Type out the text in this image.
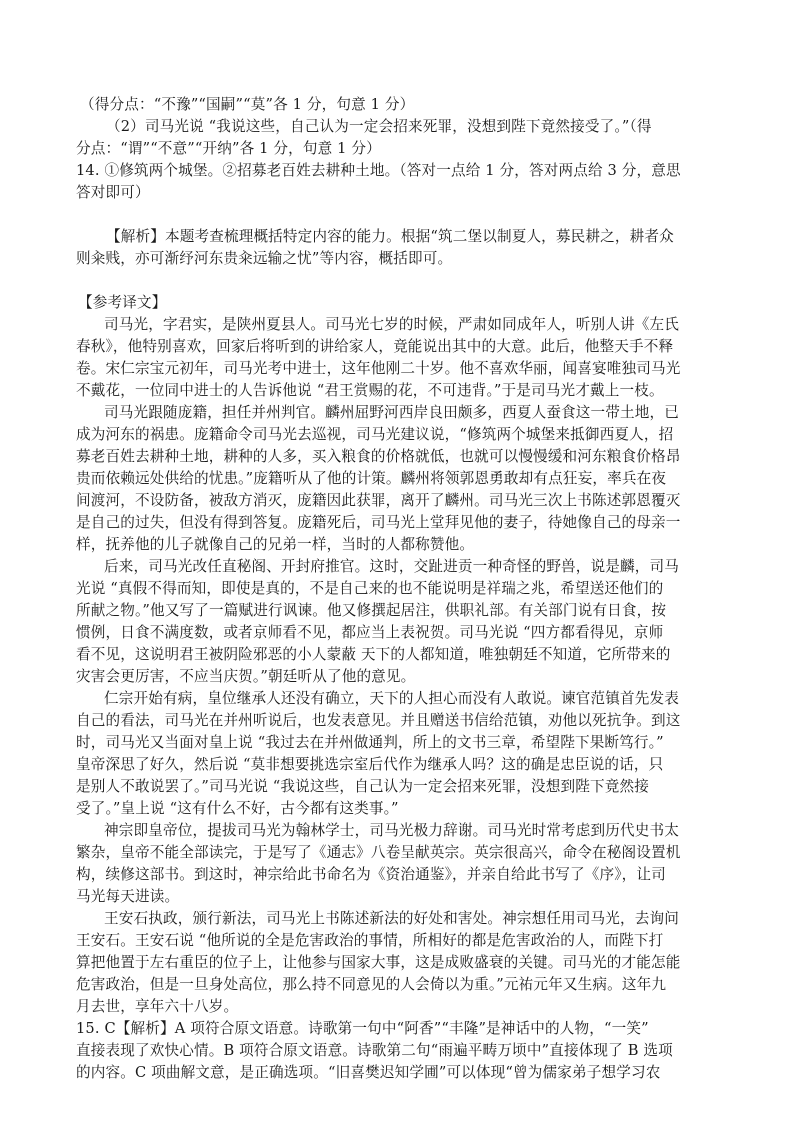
（得分点：“不豫”“国嗣”“莫”各 1 分，句意 1 分）
（2）司马光说 “我说这些，自己认为一定会招来死罪，没想到陛下竟然接受了。”（得
分点：“谓”“不意”“开纳”各 1 分，句意 1 分）
14. ①修筑两个城堡。②招募老百姓去耕种土地。（答对一点给 1 分，答对两点给 3 分，意思
答对即可）
【解析】本题考查梳理概括特定内容的能力。根据“筑二堡以制夏人，募民耕之，耕者众
则籴贱，亦可渐纾河东贵籴远输之忧”等内容，概括即可。
【参考译文】
司马光，字君实，是陕州夏县人。司马光七岁的时候，严肃如同成年人，听别人讲《左氏
春秋》，他特别喜欢，回家后将听到的讲给家人，竟能说出其中的大意。此后，他整天手不释
卷。宋仁宗宝元初年，司马光考中进士，这年他刚二十岁。他不喜欢华丽，闻喜宴唯独司马光
不戴花，一位同中进士的人告诉他说 “君王赏赐的花，不可违背。”于是司马光才戴上一枝。
司马光跟随庞籍，担任并州判官。麟州屈野河西岸良田颇多，西夏人蚕食这一带土地，已
成为河东的祸患。庞籍命令司马光去巡视，司马光建议说，“修筑两个城堡来抵御西夏人，招
募老百姓去耕种土地，耕种的人多，买入粮食的价格就低，也就可以慢慢缓和河东粮食价格昂
贵而依赖远处供给的忧患。”庞籍听从了他的计策。麟州将领郭恩勇敢却有点狂妄，率兵在夜
间渡河，不设防备，被敌方消灭，庞籍因此获罪，离开了麟州。司马光三次上书陈述郭恩覆灭
是自己的过失，但没有得到答复。庞籍死后，司马光上堂拜见他的妻子，待她像自己的母亲一
样，抚养他的儿子就像自己的兄弟一样，当时的人都称赞他。
后来，司马光改任直秘阁、开封府推官。这时，交趾进贡一种奇怪的野兽，说是麟，司马
光说 “真假不得而知，即使是真的，不是自己来的也不能说明是祥瑞之兆，希望送还他们的
所献之物。”他又写了一篇赋进行讽谏。他又修撰起居注，供职礼部。有关部门说有日食，按
惯例，日食不满度数，或者京师看不见，都应当上表祝贺。司马光说 “四方都看得见，京师
看不见，这说明君王被阴险邪恶的小人蒙蔽 天下的人都知道，唯独朝廷不知道，它所带来的
灾害会更厉害，不应当庆贺。”朝廷听从了他的意见。
仁宗开始有病，皇位继承人还没有确立，天下的人担心而没有人敢说。谏官范镇首先发表
自己的看法，司马光在并州听说后，也发表意见。并且赠送书信给范镇，劝他以死抗争。到这
时，司马光又当面对皇上说 “我过去在并州做通判，所上的文书三章，希望陛下果断笃行。”
皇帝深思了好久，然后说 “莫非想要挑选宗室后代作为继承人吗？这的确是忠臣说的话，只
是别人不敢说罢了。”司马光说 “我说这些，自己认为一定会招来死罪，没想到陛下竟然接
受了。”皇上说 “这有什么不好，古今都有这类事。”
神宗即皇帝位，提拔司马光为翰林学士，司马光极力辞谢。司马光时常考虑到历代史书太
繁杂，皇帝不能全部读完，于是写了《通志》八卷呈献英宗。英宗很高兴，命令在秘阁设置机
构，续修这部书。到这时，神宗给此书命名为《资治通鉴》，并亲自给此书写了《序》，让司
马光每天进读。
王安石执政，颁行新法，司马光上书陈述新法的好处和害处。神宗想任用司马光，去询问
王安石。王安石说 “他所说的全是危害政治的事情，所相好的都是危害政治的人，而陛下打
算把他置于左右重臣的位子上，让他参与国家大事，这是成败盛衰的关键。司马光的才能怎能
危害政治，但是一旦身处高位，那么持不同意见的人会倚以为重。”元祐元年又生病。这年九
月去世，享年六十八岁。
15. C【解析】A 项符合原文语意。诗歌第一句中“阿香”“丰隆”是神话中的人物，“一笑”
直接表现了欢快心情。B 项符合原文语意。诗歌第二句“雨遍平畴万顷中”直接体现了 B 选项
的内容。C 项曲解文意，是正确选项。“旧喜樊迟知学圃”可以体现“曾为儒家弟子想学习农
